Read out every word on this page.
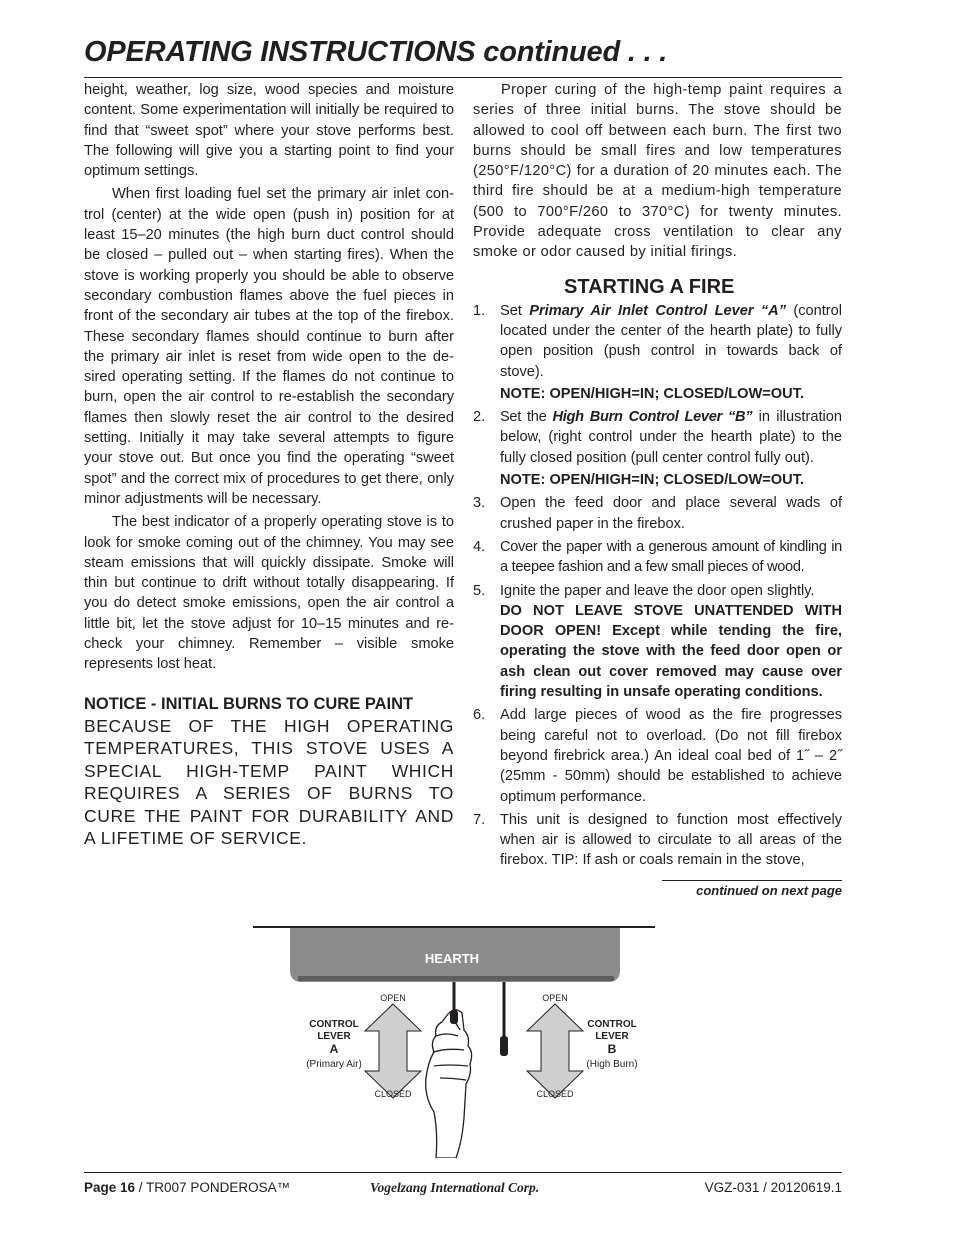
OPERATING INSTRUCTIONS continued . . .

height, weather, log size, wood species and moisture content. Some experimentation will initially be required to find that “sweet spot” where your stove performs best. The following will give you a starting point to find your optimum settings.

When first loading fuel set the primary air inlet con- trol (center) at the wide open (push in) position for at least 15–20 minutes (the high burn duct control should be closed – pulled out – when starting fires). When the stove is working properly you should be able to observe secondary combustion flames above the fuel pieces in front of the secondary air tubes at the top of the firebox. These secondary flames should continue to burn after the primary air inlet is reset from wide open to the de- sired operating setting. If the flames do not continue to burn, open the air control to re-establish the secondary flames then slowly reset the air control to the desired setting. Initially it may take several attempts to figure your stove out. But once you find the operating “sweet spot” and the correct mix of procedures to get there, only minor adjustments will be necessary.

The best indicator of a properly operating stove is to look for smoke coming out of the chimney. You may see steam emissions that will quickly dissipate. Smoke will thin but continue to drift without totally disappearing. If you do detect smoke emissions, open the air control a little bit, let the stove adjust for 10–15 minutes and re-check your chimney. Remember – visible smoke represents lost heat.

NOTICE - INITIAL BURNS TO CURE PAINT
BECAUSE OF THE HIGH OPERATING TEMPERATURES, THIS STOVE USES A SPECIAL HIGH-TEMP PAINT WHICH REQUIRES A SERIES OF BURNS TO CURE THE PAINT FOR DURABILITY AND A LIFETIME OF SERVICE.

Proper curing of the high-temp paint requires a series of three initial burns. The stove should be allowed to cool off between each burn. The first two burns should be small fires and low temperatures (250°F/120°C) for a duration of 20 minutes each. The third fire should be at a medium-high temperature (500 to 700°F/260 to 370°C) for twenty minutes. Provide adequate cross ventilation to clear any smoke or odor caused by initial firings.

STARTING A FIRE
1. Set Primary Air Inlet Control Lever “A” (control located under the center of the hearth plate) to fully open position (push control in towards back of stove).

NOTE: OPEN/HIGH=IN; CLOSED/LOW=OUT.
2. Set the High Burn Control Lever “B” in illustration below, (right control under the hearth plate) to the fully closed position (pull center control fully out).

NOTE: OPEN/HIGH=IN; CLOSED/LOW=OUT.
3. Open the feed door and place several wads of crushed paper in the firebox.

4. Cover the paper with a generous amount of kindling in a teepee fashion and a few small pieces of wood.

5. Ignite the paper and leave the door open slightly.

DO NOT LEAVE STOVE UNATTENDED WITH DOOR OPEN! Except while tending the fire, operating the stove with the feed door open or ash clean out cover removed may cause over firing resulting in unsafe operating conditions.

6. Add large pieces of wood as the fire progresses being careful not to overload. (Do not fill firebox beyond firebrick area.) An ideal coal bed of 1˝ – 2˝ (25mm - 50mm) should be established to achieve optimum performance.

7. This unit is designed to function most effectively when air is allowed to circulate to all areas of the firebox. TIP: If ash or coals remain in the stove,

continued on next page
HEARTH
OPEN
CLOSED
CONTROL
LEVER
A
(Primary Air)
OPEN
CLOSED
CONTROL
LEVER
B
(High Burn)
Page 16 / TR007 PONDEROSA™	Vogelzang International Corp.	VGZ-031 / 20120619.1
